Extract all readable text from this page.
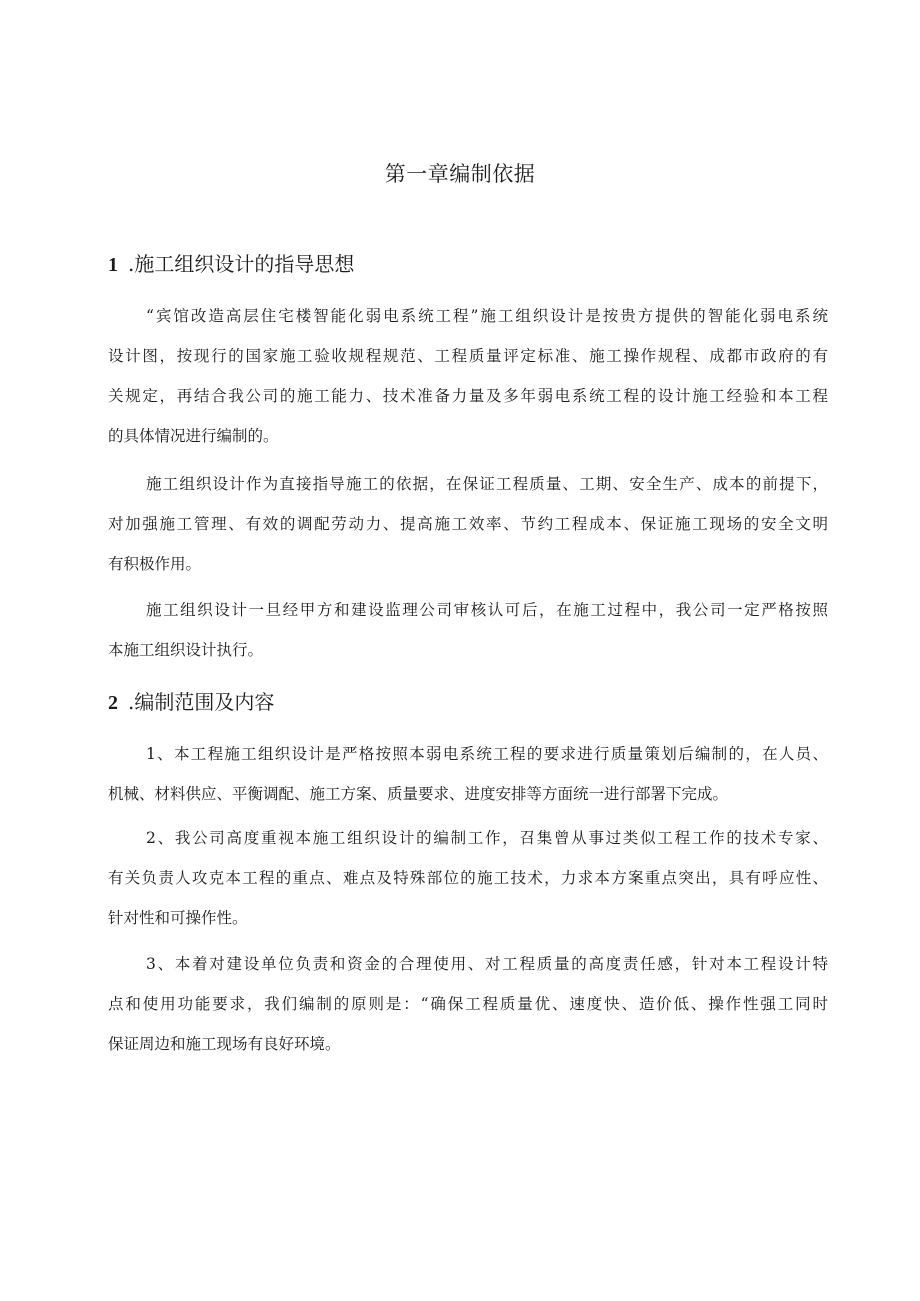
第一章编制依据
1 .施工组织设计的指导思想
“宾馆改造高层住宅楼智能化弱电系统工程”施工组织设计是按贵方提供的智能化弱电系统
设计图，按现行的国家施工验收规程规范、工程质量评定标准、施工操作规程、成都市政府的有
关规定，再结合我公司的施工能力、技术准备力量及多年弱电系统工程的设计施工经验和本工程
的具体情况进行编制的。
施工组织设计作为直接指导施工的依据，在保证工程质量、工期、安全生产、成本的前提下，
对加强施工管理、有效的调配劳动力、提高施工效率、节约工程成本、保证施工现场的安全文明
有积极作用。
施工组织设计一旦经甲方和建设监理公司审核认可后，在施工过程中，我公司一定严格按照
本施工组织设计执行。
2 .编制范围及内容
1、本工程施工组织设计是严格按照本弱电系统工程的要求进行质量策划后编制的，在人员、
机械、材料供应、平衡调配、施工方案、质量要求、进度安排等方面统一进行部署下完成。
2、我公司高度重视本施工组织设计的编制工作，召集曾从事过类似工程工作的技术专家、
有关负责人攻克本工程的重点、难点及特殊部位的施工技术，力求本方案重点突出，具有呼应性、
针对性和可操作性。
3、本着对建设单位负责和资金的合理使用、对工程质量的高度责任感，针对本工程设计特
点和使用功能要求，我们编制的原则是：“确保工程质量优、速度快、造价低、操作性强工同时
保证周边和施工现场有良好环境。
